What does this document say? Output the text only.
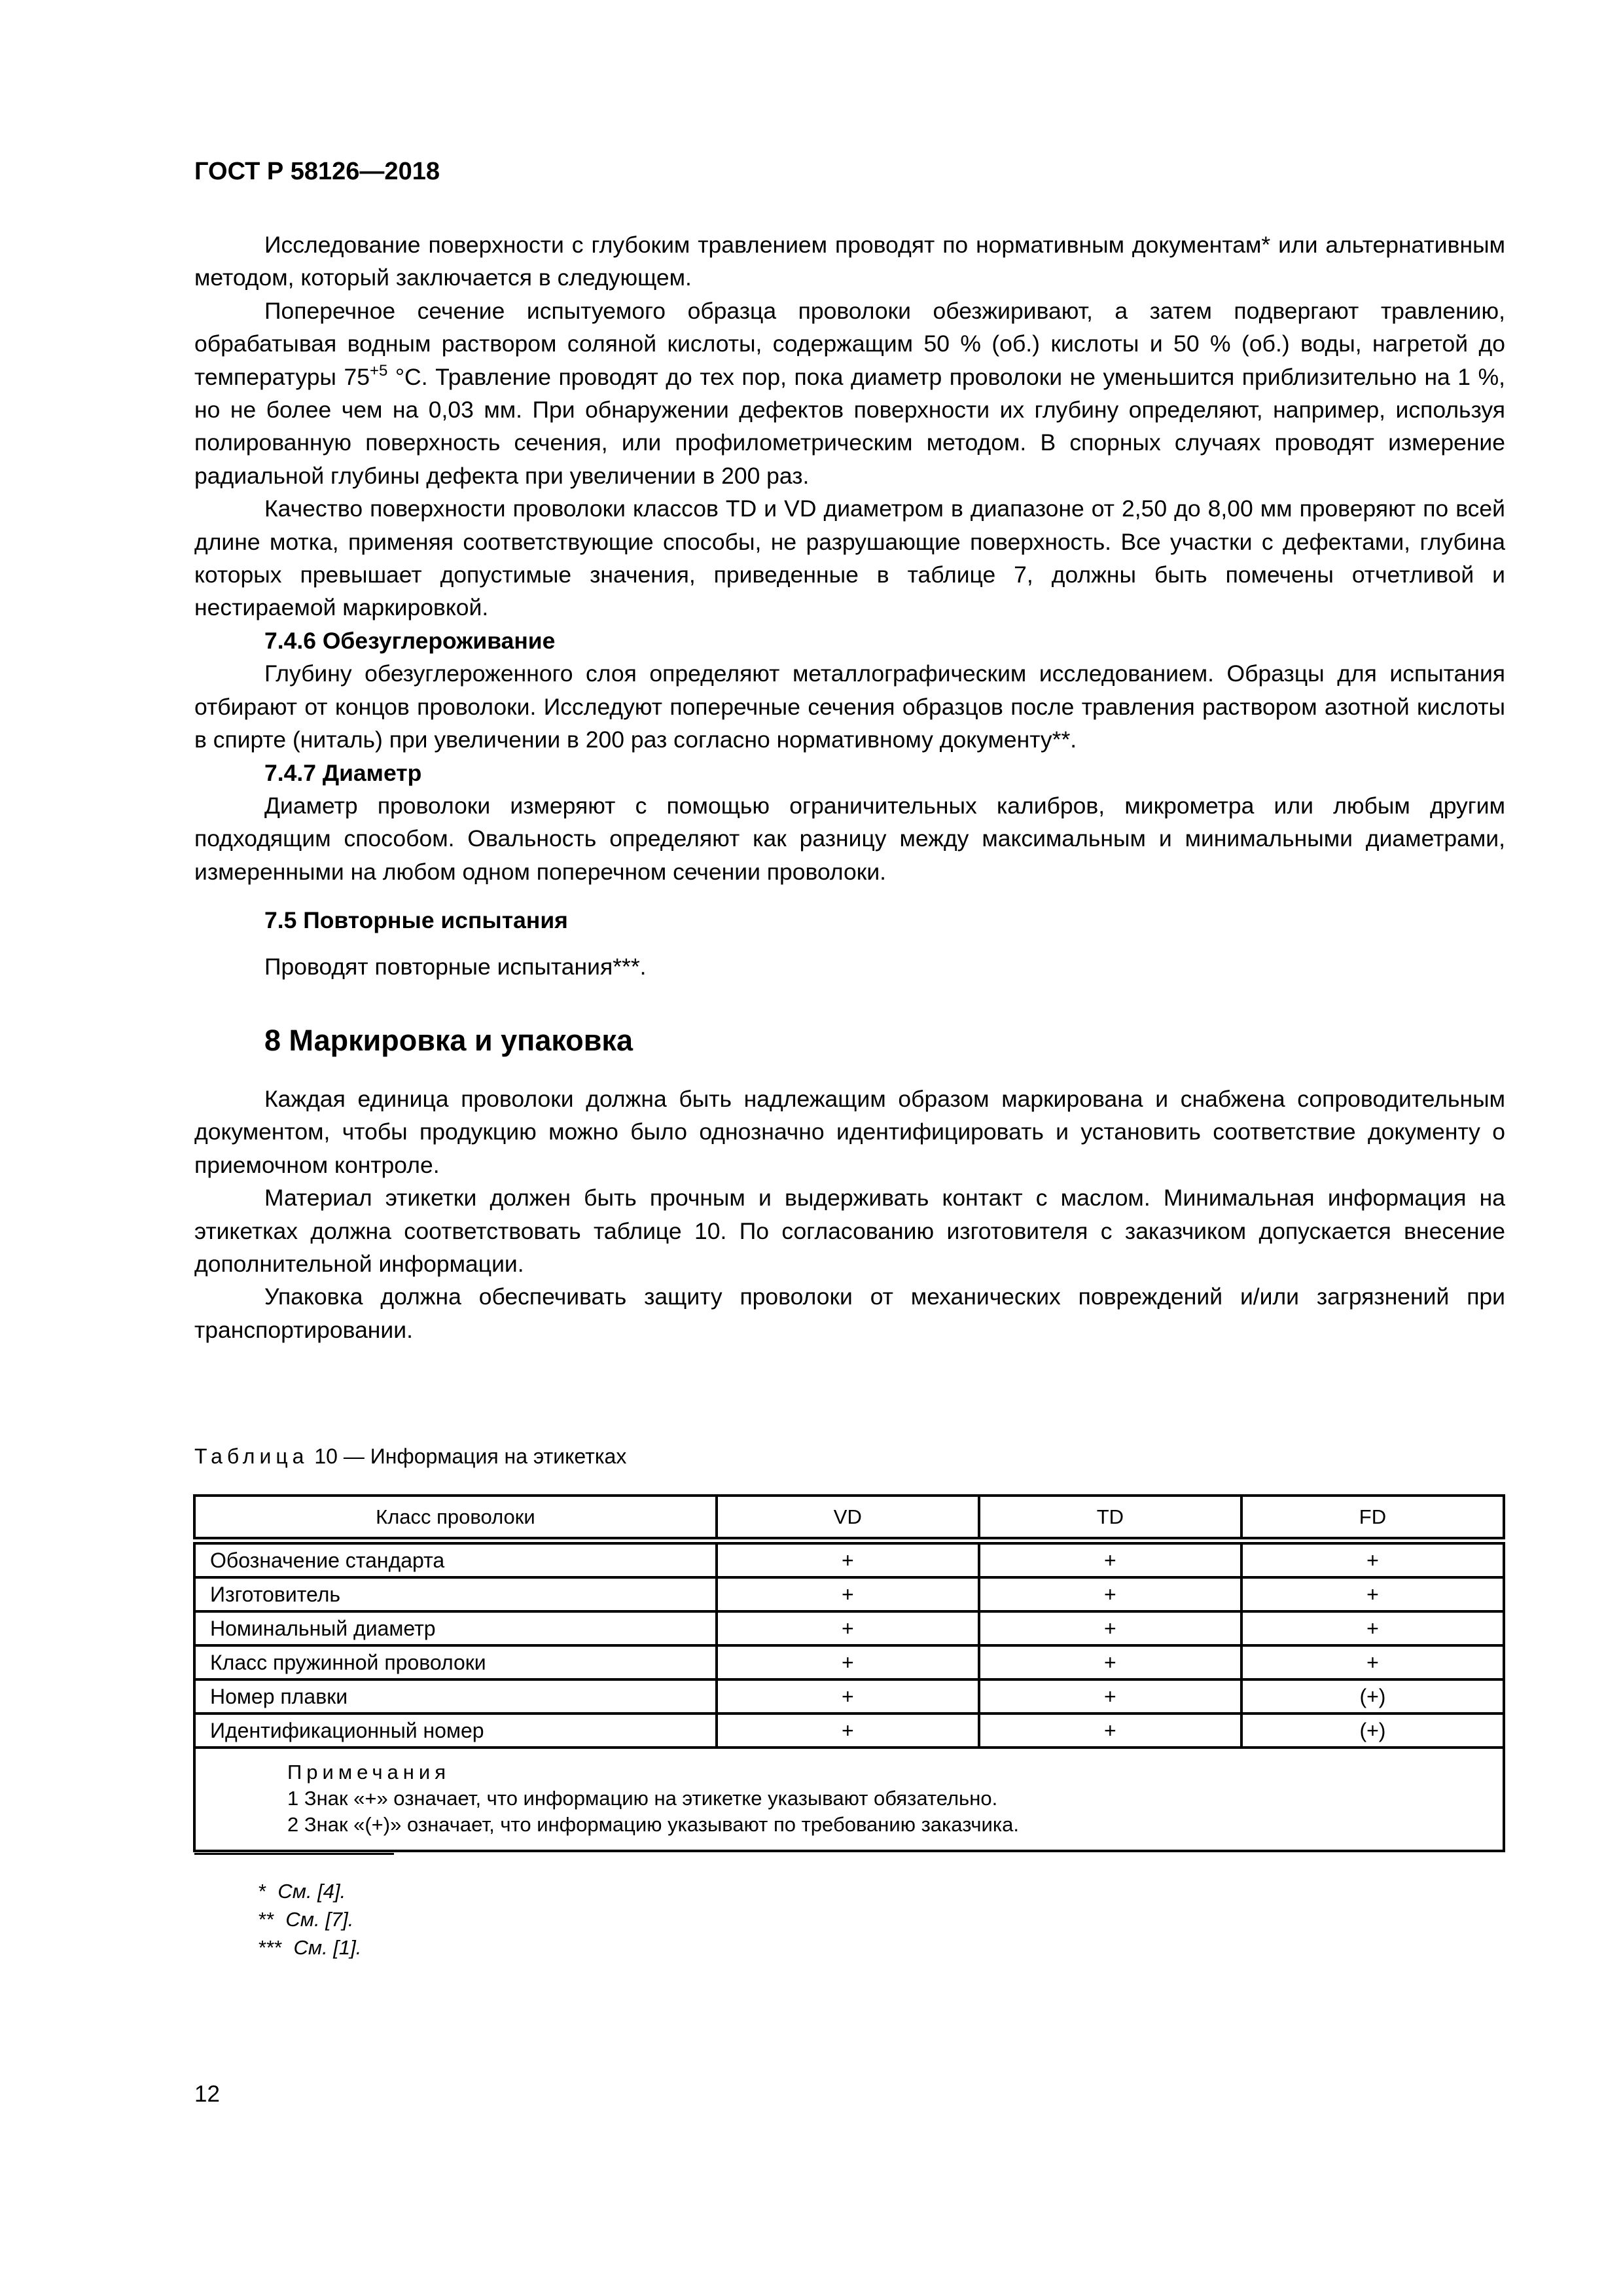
ГОСТ Р 58126—2018

Исследование поверхности с глубоким травлением проводят по нормативным документам* или альтернативным методом, который заключается в следующем.

Поперечное сечение испытуемого образца проволоки обезжиривают, а затем подвергают травлению, обрабатывая водным раствором соляной кислоты, содержащим 50 % (об.) кислоты и 50 % (об.) воды, нагретой до температуры $75^{+5}$ °С. Травление проводят до тех пор, пока диаметр проволоки не уменьшится приблизительно на 1 %, но не более чем на 0,03 мм. При обнаружении дефектов поверхности их глубину определяют, например, используя полированную поверхность сечения, или профилометрическим методом. В спорных случаях проводят измерение радиальной глубины дефекта при увеличении в 200 раз.

Качество поверхности проволоки классов TD и VD диаметром в диапазоне от 2,50 до 8,00 мм проверяют по всей длине мотка, применяя соответствующие способы, не разрушающие поверхность. Все участки с дефектами, глубина которых превышает допустимые значения, приведенные в таблице 7, должны быть помечены отчетливой и нестираемой маркировкой.

7.4.6 Обезуглероживание

Глубину обезуглероженного слоя определяют металлографическим исследованием. Образцы для испытания отбирают от концов проволоки. Исследуют поперечные сечения образцов после травления раствором азотной кислоты в спирте (ниталь) при увеличении в 200 раз согласно нормативному документу**.

7.4.7 Диаметр

Диаметр проволоки измеряют с помощью ограничительных калибров, микрометра или любым другим подходящим способом. Овальность определяют как разницу между максимальным и минимальными диаметрами, измеренными на любом одном поперечном сечении проволоки.

7.5 Повторные испытания

Проводят повторные испытания***.

8 Маркировка и упаковка

Каждая единица проволоки должна быть надлежащим образом маркирована и снабжена сопроводительным документом, чтобы продукцию можно было однозначно идентифицировать и установить соответствие документу о приемочном контроле.

Материал этикетки должен быть прочным и выдерживать контакт с маслом. Минимальная информация на этикетках должна соответствовать таблице 10. По согласованию изготовителя с заказчиком допускается внесение дополнительной информации.

Упаковка должна обеспечивать защиту проволоки от механических повреждений и/или загрязнений при транспортировании.

Таблица 10 — Информация на этикетках
Класс проволоки	VD	TD	FD
Обозначение стандарта	+	+	+
Изготовитель	+	+	+
Номинальный диаметр	+	+	+
Класс пружинной проволоки	+	+	+
Номер плавки	+	+	(+)
Идентификационный номер	+	+	(+)

Примечания
1 Знак «+» означает, что информацию на этикетке указывают обязательно.
2 Знак «(+)» означает, что информацию указывают по требованию заказчика.			
* См. [4].
** См. [7].
*** См. [1].
12
